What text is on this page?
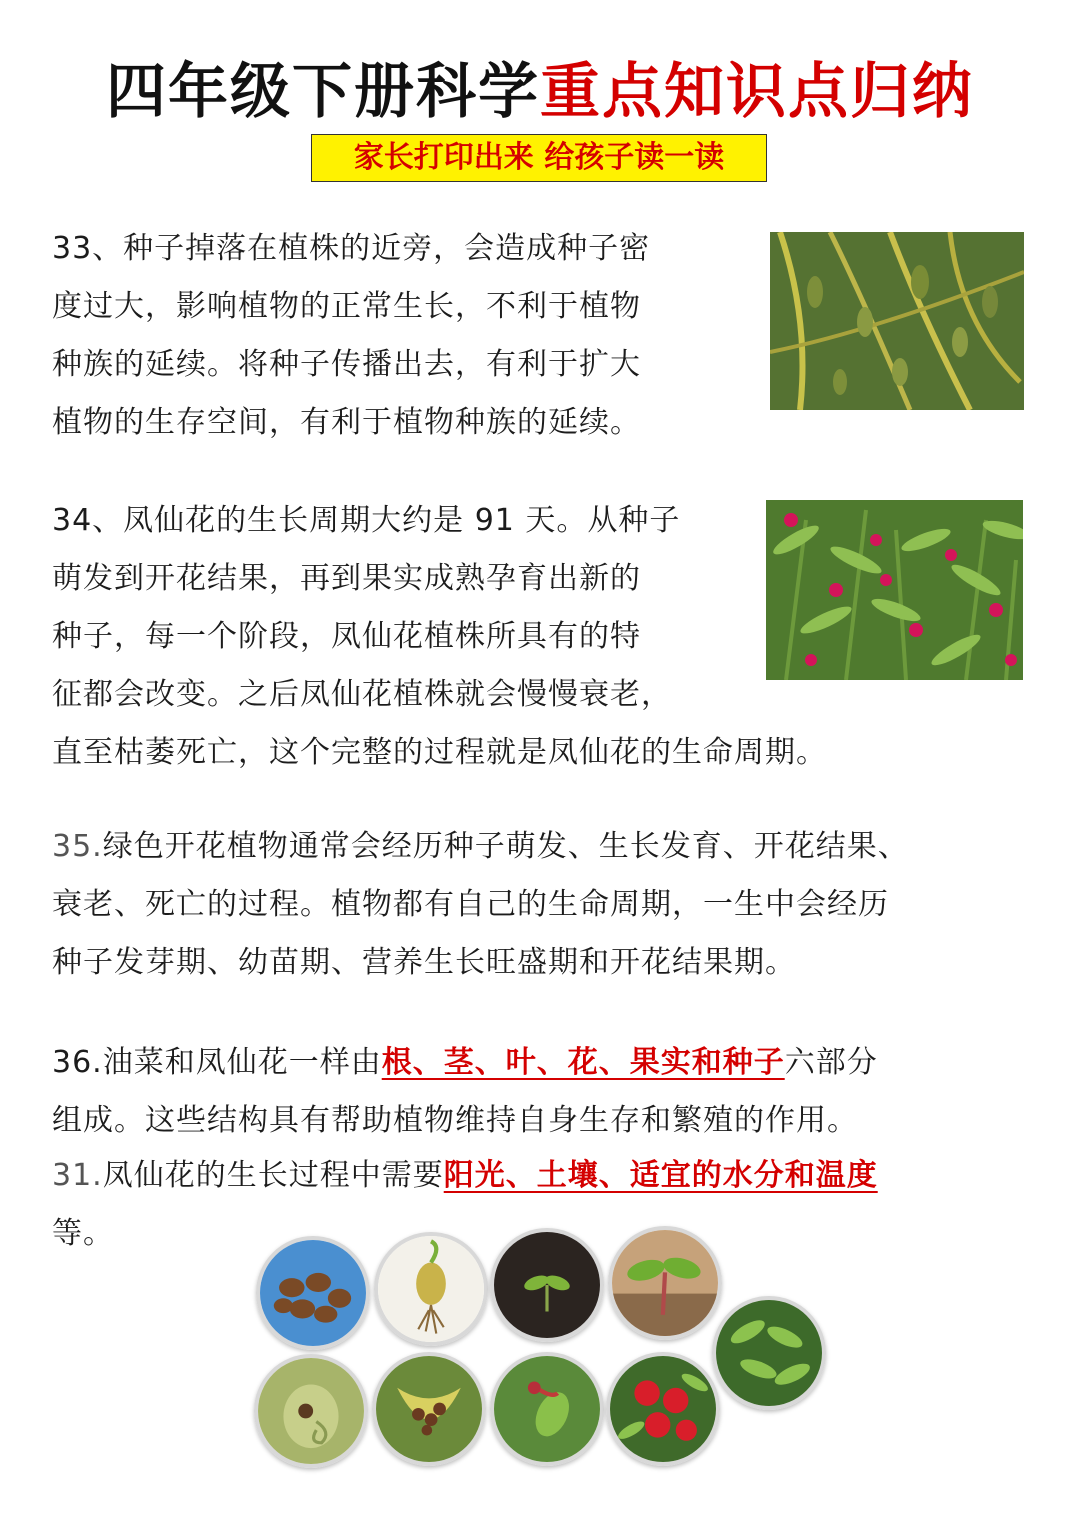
四年级下册科学重点知识点归纳
家长打印出来 给孩子读一读
33、种子掉落在植株的近旁，会造成种子密
度过大，影响植物的正常生长，不利于植物
种族的延续。将种子传播出去，有利于扩大
植物的生存空间，有利于植物种族的延续。
34、凤仙花的生长周期大约是 91 天。从种子
萌发到开花结果，再到果实成熟孕育出新的
种子，每一个阶段，凤仙花植株所具有的特
征都会改变。之后凤仙花植株就会慢慢衰老，
直至枯萎死亡，这个完整的过程就是凤仙花的生命周期。
35.绿色开花植物通常会经历种子萌发、生长发育、开花结果、
衰老、死亡的过程。植物都有自己的生命周期，一生中会经历
种子发芽期、幼苗期、营养生长旺盛期和开花结果期。
36.油菜和凤仙花一样由根、茎、叶、花、果实和种子六部分
组成。这些结构具有帮助植物维持自身生存和繁殖的作用。
31.凤仙花的生长过程中需要阳光、土壤、适宜的水分和温度
等。
